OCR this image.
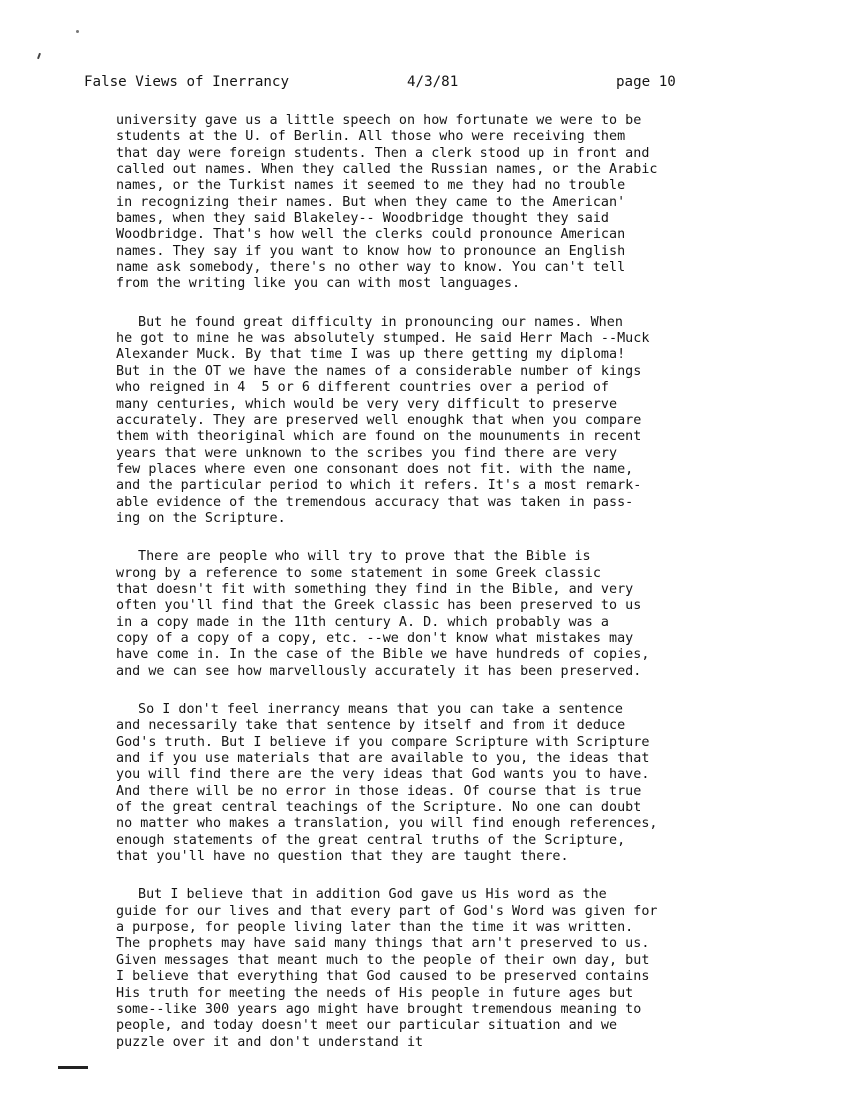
False Views of Inerrancy

	4/3/81

	page 10

university gave us a little speech on how fortunate we were to be
students at the U. of Berlin. All those who were receiving them
that day were foreign students. Then a clerk stood up in front and
called out names. When they called the Russian names, or the Arabic
names, or the Turkist names it seemed to me they had no trouble
in recognizing their names. But when they came to the American'
bames, when they said Blakeley-- Woodbridge thought they said
Woodbridge. That's how well the clerks could pronounce American
names. They say if you want to know how to pronounce an English
name ask somebody, there's no other way to know. You can't tell
from the writing like you can with most languages.
But he found great difficulty in pronouncing our names. When
he got to mine he was absolutely stumped. He said Herr Mach --Muck
Alexander Muck. By that time I was up there getting my diploma!
But in the OT we have the names of a considerable number of kings
who reigned in 4  5 or 6 different countries over a period of
many centuries, which would be very very difficult to preserve
accurately. They are preserved well enoughk that when you compare
them with theoriginal which are found on the mounuments in recent
years that were unknown to the scribes you find there are very
few places where even one consonant does not fit. with the name,
and the particular period to which it refers. It's a most remark-
able evidence of the tremendous accuracy that was taken in pass-
ing on the Scripture.
There are people who will try to prove that the Bible is
wrong by a reference to some statement in some Greek classic
that doesn't fit with something they find in the Bible, and very
often you'll find that the Greek classic has been preserved to us
in a copy made in the 11th century A. D. which probably was a
copy of a copy of a copy, etc. --we don't know what mistakes may
have come in. In the case of the Bible we have hundreds of copies,
and we can see how marvellously accurately it has been preserved.
So I don't feel inerrancy means that you can take a sentence
and necessarily take that sentence by itself and from it deduce
God's truth. But I believe if you compare Scripture with Scripture
and if you use materials that are available to you, the ideas that
you will find there are the very ideas that God wants you to have.
And there will be no error in those ideas. Of course that is true
of the great central teachings of the Scripture. No one can doubt
no matter who makes a translation, you will find enough references,
enough statements of the great central truths of the Scripture,
that you'll have no question that they are taught there.
But I believe that in addition God gave us His word as the
guide for our lives and that every part of God's Word was given for
a purpose, for people living later than the time it was written.
The prophets may have said many things that arn't preserved to us.
Given messages that meant much to the people of their own day, but
I believe that everything that God caused to be preserved contains
His truth for meeting the needs of His people in future ages but
some--like 300 years ago might have brought tremendous meaning to
people, and today doesn't meet our particular situation and we
puzzle over it and don't understand it
